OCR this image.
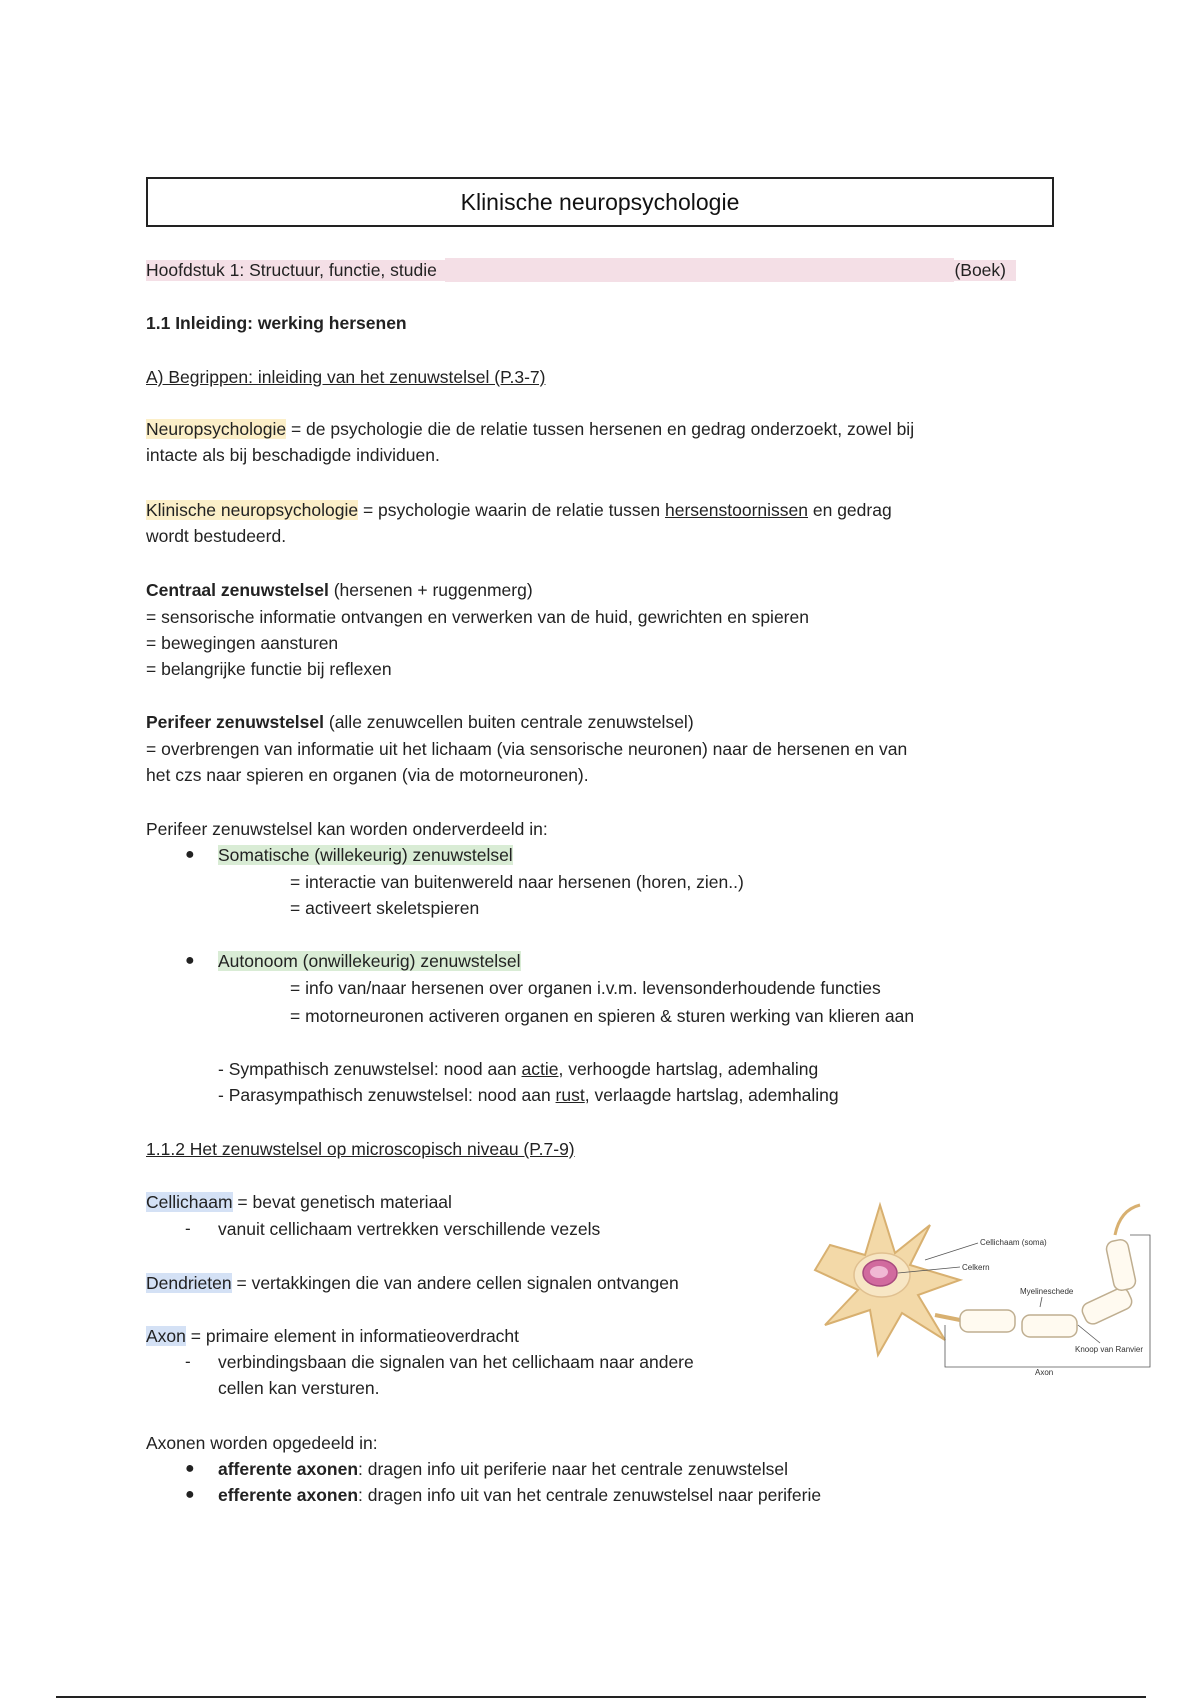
Klinische neuropsychologie
Hoofdstuk 1: Structuur, functie, studie	(Boek)
1.1 Inleiding: werking hersenen
A) Begrippen: inleiding van het zenuwstelsel (P.3-7)
Neuropsychologie = de psychologie die de relatie tussen hersenen en gedrag onderzoekt, zowel bij
intacte als bij beschadigde individuen.
Klinische neuropsychologie = psychologie waarin de relatie tussen hersenstoornissen en gedrag
wordt bestudeerd.
Centraal zenuwstelsel (hersenen + ruggenmerg)
= sensorische informatie ontvangen en verwerken van de huid, gewrichten en spieren
= bewegingen aansturen
= belangrijke functie bij reflexen
Perifeer zenuwstelsel (alle zenuwcellen buiten centrale zenuwstelsel)
= overbrengen van informatie uit het lichaam (via sensorische neuronen) naar de hersenen en van
het czs naar spieren en organen (via de motorneuronen).
Perifeer zenuwstelsel kan worden onderverdeeld in:
● Somatische (willekeurig) zenuwstelsel
= interactie van buitenwereld naar hersenen (horen, zien..)
= activeert skeletspieren
● Autonoom (onwillekeurig) zenuwstelsel
= info van/naar hersenen over organen i.v.m. levensonderhoudende functies
= motorneuronen activeren organen en spieren & sturen werking van klieren aan
- Sympathisch zenuwstelsel: nood aan actie, verhoogde hartslag, ademhaling
- Parasympathisch zenuwstelsel: nood aan rust, verlaagde hartslag, ademhaling
1.1.2 Het zenuwstelsel op microscopisch niveau (P.7-9)
Cellichaam = bevat genetisch materiaal
- vanuit cellichaam vertrekken verschillende vezels
Dendrieten = vertakkingen die van andere cellen signalen ontvangen
Axon = primaire element in informatieoverdracht
- verbindingsbaan die signalen van het cellichaam naar andere
cellen kan versturen.
Axonen worden opgedeeld in:
● afferente axonen: dragen info uit periferie naar het centrale zenuwstelsel
● efferente axonen: dragen info uit van het centrale zenuwstelsel naar periferie
Cellichaam (soma)
Celkern
Myelineschede
Knoop van Ranvier
Axon
